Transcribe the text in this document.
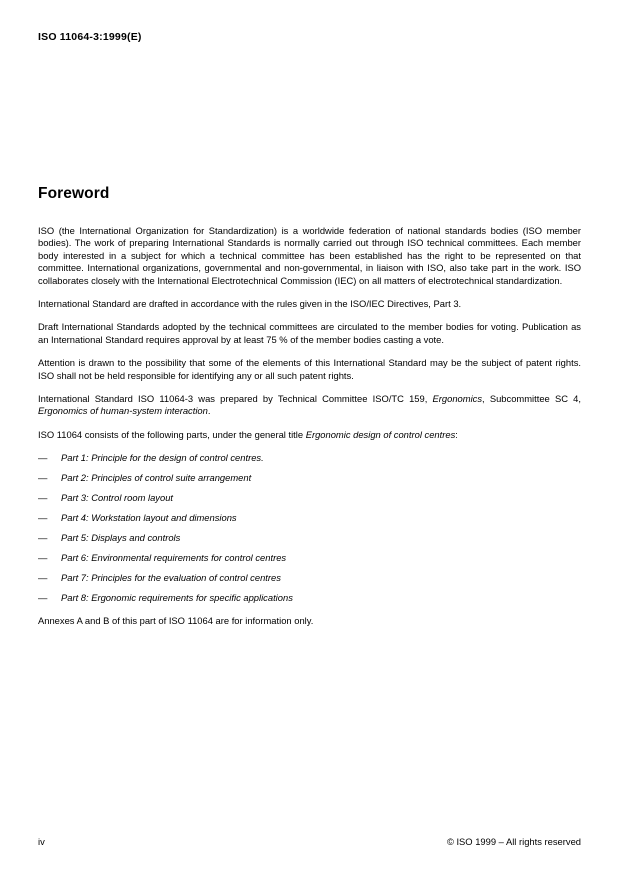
ISO 11064-3:1999(E)
Foreword

ISO (the International Organization for Standardization) is a worldwide federation of national standards bodies (ISO member bodies). The work of preparing International Standards is normally carried out through ISO technical committees. Each member body interested in a subject for which a technical committee has been established has the right to be represented on that committee. International organizations, governmental and non-governmental, in liaison with ISO, also take part in the work. ISO collaborates closely with the International Electrotechnical Commission (IEC) on all matters of electrotechnical standardization.

International Standard are drafted in accordance with the rules given in the ISO/IEC Directives, Part 3.

Draft International Standards adopted by the technical committees are circulated to the member bodies for voting. Publication as an International Standard requires approval by at least 75 % of the member bodies casting a vote.

Attention is drawn to the possibility that some of the elements of this International Standard may be the subject of patent rights. ISO shall not be held responsible for identifying any or all such patent rights.

International Standard ISO 11064-3 was prepared by Technical Committee ISO/TC 159, Ergonomics, Subcommittee SC 4, Ergonomics of human-system interaction.

ISO 11064 consists of the following parts, under the general title Ergonomic design of control centres:

— Part 1: Principle for the design of control centres.
— Part 2: Principles of control suite arrangement
— Part 3: Control room layout
— Part 4: Workstation layout and dimensions
— Part 5: Displays and controls
— Part 6: Environmental requirements for control centres
— Part 7: Principles for the evaluation of control centres
— Part 8: Ergonomic requirements for specific applications

Annexes A and B of this part of ISO 11064 are for information only.

iv	© ISO 1999 – All rights reserved
